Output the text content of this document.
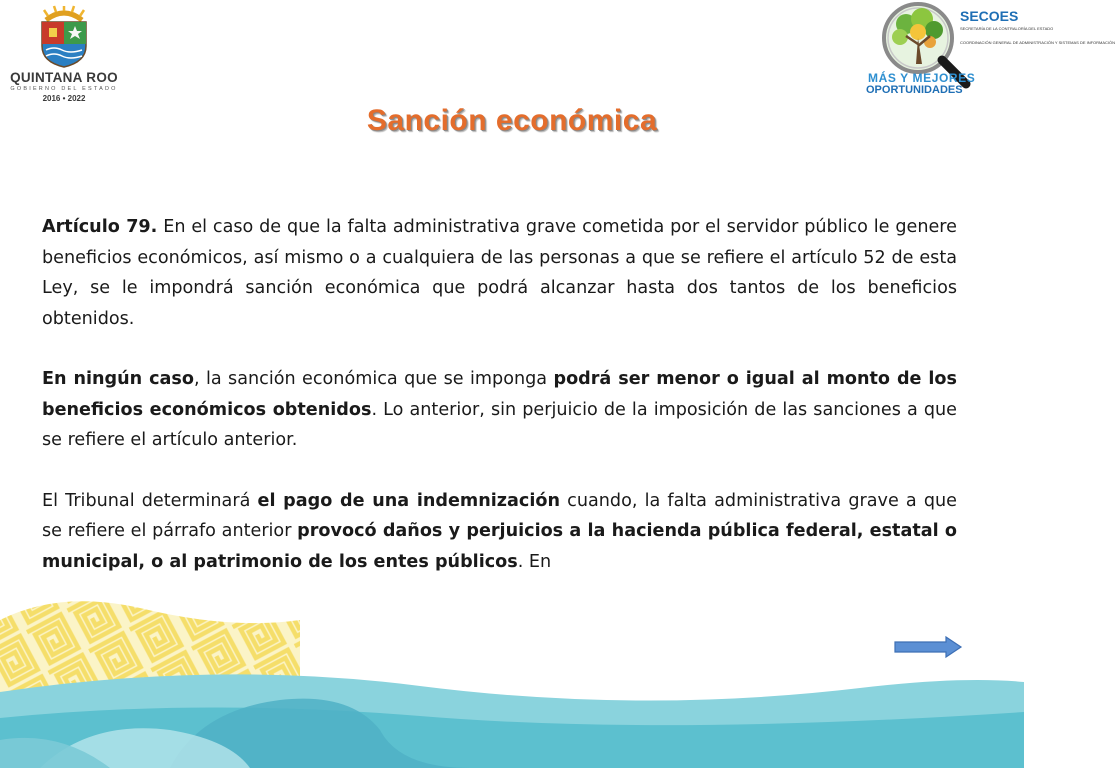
QUINTANA ROO
GOBIERNO DEL ESTADO
2016 • 2022
SECOES
SECRETARÍA DE LA CONTRALORÍA DEL ESTADO
COORDINACIÓN GENERAL DE ADMINISTRACIÓN Y SISTEMAS DE INFORMACIÓN
MÁS Y MEJORES
OPORTUNIDADES
Sanción económica

Artículo 79. En el caso de que la falta administrativa grave cometida por el servidor público le genere beneficios económicos, así mismo o a cualquiera de las personas a que se refiere el artículo 52 de esta Ley, se le impondrá sanción económica que podrá alcanzar hasta dos tantos de los beneficios obtenidos.

En ningún caso, la sanción económica que se imponga podrá ser menor o igual al monto de los beneficios económicos obtenidos. Lo anterior, sin perjuicio de la imposición de las sanciones a que se refiere el artículo anterior.

El Tribunal determinará el pago de una indemnización cuando, la falta administrativa grave a que se refiere el párrafo anterior provocó daños y perjuicios a la hacienda pública federal, estatal o municipal, o al patrimonio de los entes públicos. En
